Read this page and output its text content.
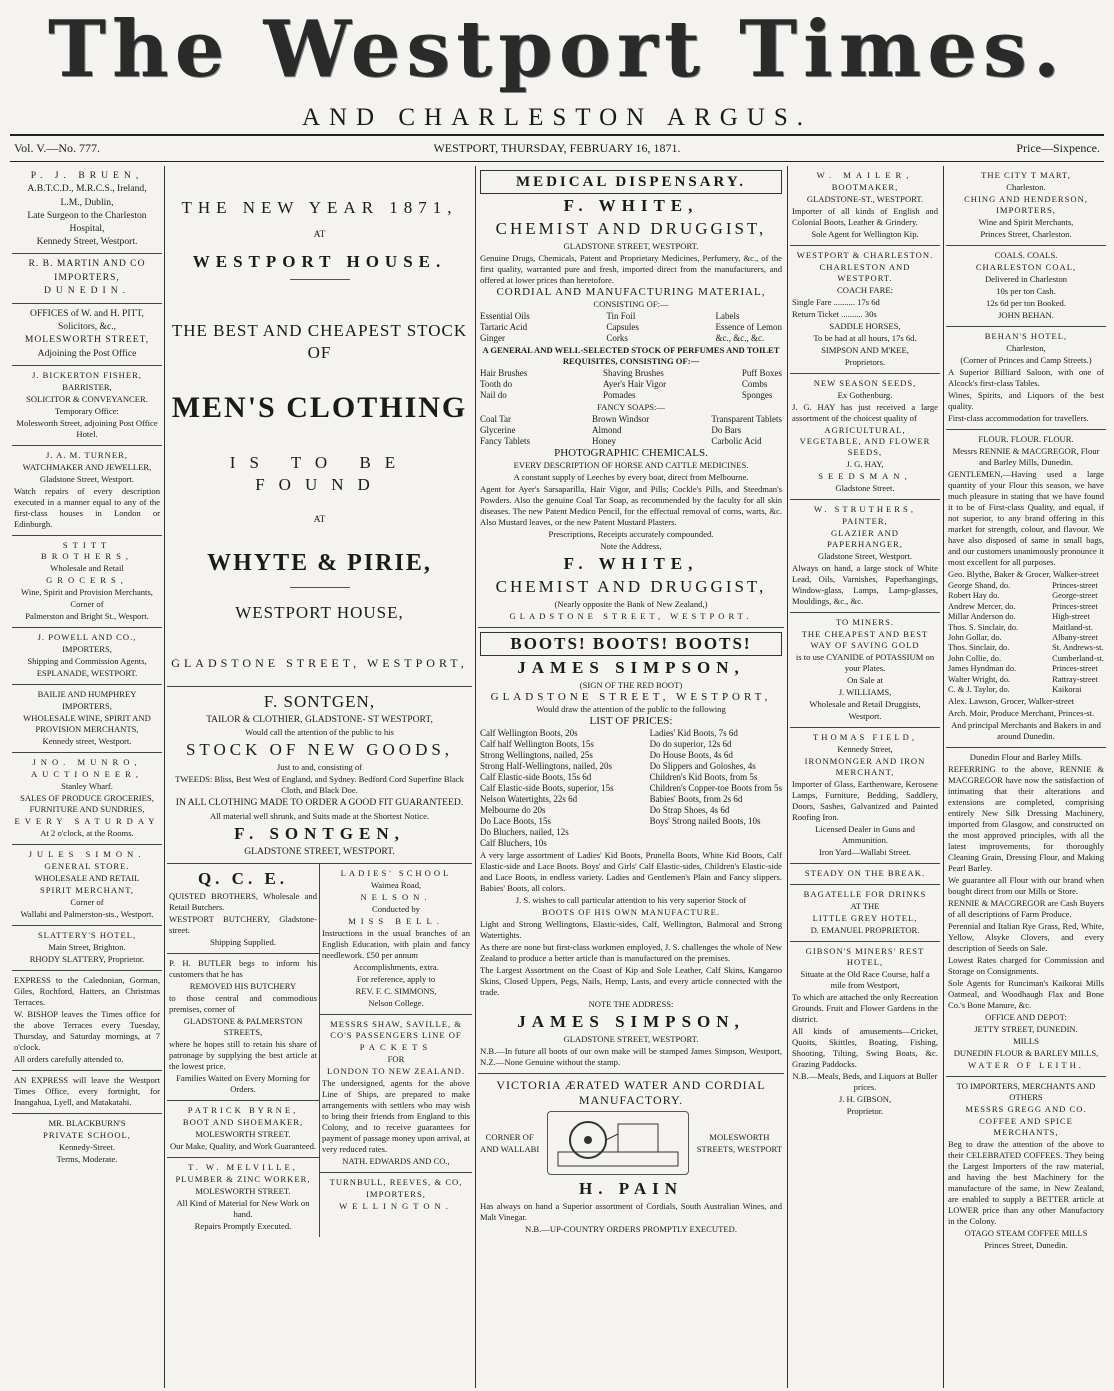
The Westport Times.
AND CHARLESTON ARGUS.
Vol. V.—No. 777.	WESTPORT, THURSDAY, FEBRUARY 16, 1871.	Price—Sixpence.

P. J. BRUEN,

A.B.T.C.D., M.R.C.S., Ireland,

L.M., Dublin,

Late Surgeon to the Charleston Hospital,

Kennedy Street, Westport.

R. B. MARTIN AND CO

IMPORTERS,

DUNEDIN.

OFFICES of W. and H. PITT,

Solicitors, &c.,

MOLESWORTH STREET,

Adjoining the Post Office

J. BICKERTON FISHER,

BARRISTER,

SOLICITOR & CONVEYANCER.

Temporary Office:

Molesworth Street, adjoining Post Office Hotel.

J. A. M. TURNER,

WATCHMAKER AND JEWELLER,

Gladstone Street, Westport.

Watch repairs of every description executed in a manner equal to any of the first-class houses in London or Edinburgh.

STITT BROTHERS,

Wholesale and Retail

GROCERS,

Wine, Spirit and Provision Merchants,

Corner of

Palmerston and Bright St., Wesport.

J. POWELL AND CO.,

IMPORTERS,

Shipping and Commission Agents,

ESPLANADE, WESTPORT.

BAILIE AND HUMPHREY

IMPORTERS,

WHOLESALE WINE, SPIRIT AND PROVISION MERCHANTS,

Kennedy street, Westport.

JNO. MUNRO,

AUCTIONEER,

Stanley Wharf.

SALES OF PRODUCE GROCERIES, FURNITURE AND SUNDRIES,

EVERY SATURDAY

At 2 o'clock, at the Rooms.

JULES SIMON.

GENERAL STORE.

WHOLESALE AND RETAIL

SPIRIT MERCHANT,

Corner of

Wallabi and Palmerston-sts., Westport.

SLATTERY'S HOTEL,

Main Street, Brighton.

RHODY SLATTERY, Proprietor.

EXPRESS to the Caledonian, Gorman, Giles, Rochford, Hatters, an Christmas Terraces.

W. BISHOP leaves the Times office for the above Terraces every Tuesday, Thursday, and Saturday mornings, at 7 o'clock.

All orders carefully attended to.

AN EXPRESS will leave the Westport Times Office, every fortnight, for Inangahua, Lyell, and Matakatahi.

MR. BLACKBURN'S

PRIVATE SCHOOL,

Kennedy-Street.

Terms, Moderate.

THE NEW YEAR 1871,

AT

WESTPORT HOUSE.

THE BEST AND CHEAPEST STOCK OF

MEN'S CLOTHING

IS TO BE FOUND

AT

WHYTE & PIRIE,

WESTPORT HOUSE,

GLADSTONE STREET, WESTPORT,

F. SONTGEN,

TAILOR & CLOTHIER, GLADSTONE- ST WESTPORT,

Would call the attention of the public to his

STOCK OF NEW GOODS,

Just to and, consisting of

TWEEDS: Bliss, Best West of England, and Sydney. Bedford Cord Superfine Black Cloth, and Black Doe.

IN ALL CLOTHING MADE TO ORDER A GOOD FIT GUARANTEED.

All material well shrunk, and Suits made at the Shortest Notice.

F. SONTGEN,

GLADSTONE STREET, WESTPORT.

Q. C. E.

QUISTED BROTHERS, Wholesale and Retail Butchers.

WESTPORT BUTCHERY, Gladstone-street.

Shipping Supplied.

P. H. BUTLER begs to inform his customers that he has

REMOVED HIS BUTCHERY

to those central and commodious premises, corner of

GLADSTONE & PALMERSTON STREETS,

where he hopes still to retain his share of patronage by supplying the best article at the lowest price.

Families Waited on Every Morning for Orders.

PATRICK BYRNE,

BOOT AND SHOEMAKER,

MOLESWORTH STREET.

Our Make, Quality, and Work Guaranteed.

T. W. MELVILLE,

PLUMBER & ZINC WORKER,

MOLESWORTH STREET.

All Kind of Material for New Work on hand.

Repairs Promptly Executed.

LADIES' SCHOOL

Waimea Road,

NELSON.

Conducted by

MISS BELL.

Instructions in the usual branches of an English Education, with plain and fancy needlework. £50 per annum

Accomplishments, extra.

For reference, apply to

REV. F. C. SIMMONS,

Nelson College.

MESSRS SHAW, SAVILLE, & CO'S PASSENGERS LINE OF

PACKETS

FOR

LONDON TO NEW ZEALAND.

The undersigned, agents for the above Line of Ships, are prepared to make arrangements with settlers who may wish to bring their friends from England to this Colony, and to receive guarantees for payment of passage money upon arrival, at very reduced rates.

NATH. EDWARDS AND CO.,

TURNBULL, REEVES, & CO,

IMPORTERS,

WELLINGTON.

MEDICAL DISPENSARY.

F. WHITE,

CHEMIST AND DRUGGIST,

GLADSTONE STREET, WESTPORT.

Genuine Drugs, Chemicals, Patent and Proprietary Medicines, Perfumery, &c., of the first quality, warranted pure and fresh, imported direct from the manufacturers, and offered at lower prices than heretofore.

CORDIAL AND MANUFACTURING MATERIAL,

CONSISTING OF:—

Essential Oils
Tartaric Acid
Ginger
Tin Foil
Capsules
Corks
Labels
Essence of Lemon
&c., &c., &c.

A GENERAL AND WELL-SELECTED STOCK OF PERFUMES AND TOILET REQUISITES, CONSISTING OF:—

Hair Brushes
Tooth do
Nail do
Shaving Brushes
Ayer's Hair Vigor
Pomades
Puff Boxes
Combs
Sponges

FANCY SOAPS:—

Coal Tar
Glycerine
Fancy Tablets
Brown Windsor
Almond
Honey
Transparent Tablets
Do Bars
Carbolic Acid

PHOTOGRAPHIC CHEMICALS.

EVERY DESCRIPTION OF HORSE AND CATTLE MEDICINES.

A constant supply of Leeches by every boat, direct from Melbourne.

Agent for Ayer's Sarsaparilla, Hair Vigor, and Pills; Cockle's Pills, and Steedman's Powders. Also the genuine Coal Tar Soap, as recommended by the faculty for all skin diseases. The new Patent Medico Pencil, for the effectual removal of corns, warts, &c. Also Mustard leaves, or the new Patent Mustard Plasters.

Prescriptions, Receipts accurately compounded.

Note the Address,

F. WHITE,

CHEMIST AND DRUGGIST,

(Nearly opposite the Bank of New Zealand,)

GLADSTONE STREET, WESTPORT.

BOOTS! BOOTS! BOOTS!

JAMES SIMPSON,

(SIGN OF THE RED BOOT)

GLADSTONE STREET, WESTPORT,

Would draw the attention of the public to the following

LIST OF PRICES:

Calf Wellington Boots, 20s
Calf half Wellington Boots, 15s
Strong Wellingtons, nailed, 25s
Strong Half-Wellingtons, nailed, 20s
Calf Elastic-side Boots, 15s 6d
Calf Elastic-side Boots, superior, 15s
Nelson Watertights, 22s 6d
Melbourne do 20s
Do Lace Boots, 15s
Do Bluchers, nailed, 12s
Calf Bluchers, 10s
Ladies' Kid Boots, 7s 6d
Do do superior, 12s 6d
Do House Boots, 4s 6d
Do Slippers and Goloshes, 4s
Children's Kid Boots, from 5s
Children's Copper-toe Boots from 5s
Babies' Boots, from 2s 6d
Do Strap Shoes, 4s 6d
Boys' Strong nailed Boots, 10s

A very large assortment of Ladies' Kid Boots, Prunella Boots, White Kid Boots, Calf Elastic-side and Lace Boots. Boys' and Girls' Calf Elastic-sides, Children's Elastic-side and Lace Boots, in endless variety. Ladies and Gentlemen's Plain and Fancy slippers. Babies' Boots, all colors.

J. S. wishes to call particular attention to his very superior Stock of

BOOTS OF HIS OWN MANUFACTURE.

Light and Strong Wellingtons, Elastic-sides, Calf, Wellington, Balmoral and Strong Watertights.

As there are none but first-class workmen employed, J. S. challenges the whole of New Zealand to produce a better article than is manufactured on the premises.

The Largest Assortment on the Coast of Kip and Sole Leather, Calf Skins, Kangaroo Skins, Closed Uppers, Pegs, Nails, Hemp, Lasts, and every article connected with the trade.

NOTE THE ADDRESS:

JAMES SIMPSON,

GLADSTONE STREET, WESTPORT.

N.B.—In future all boots of our own make will be stamped James Simpson, Westport, N.Z.—None Genuine without the stamp.

VICTORIA ÆRATED WATER AND CORDIAL MANUFACTORY.

CORNER OF

AND WALLABI

MOLESWORTH

STREETS, WESTPORT

H. PAIN

Has always on hand a Superior assortment of Cordials, South Australian Wines, and Malt Vinegar.

N.B.—UP-COUNTRY ORDERS PROMPTLY EXECUTED.

W. MAILER,

BOOTMAKER,

GLADSTONE-ST., WESTPORT.

Importer of all kinds of English and Colonial Boots, Leather & Grindery.

Sole Agent for Wellington Kip.

WESTPORT & CHARLESTON.

CHARLESTON AND WESTPORT.

COACH FARE:

Single Fare .......... 17s 6d

Return Ticket .......... 30s

SADDLE HORSES,

To be had at all hours, 17s 6d.

SIMPSON AND M'KEE,

Proprietors.

NEW SEASON SEEDS,

Ex Gothenburg.

J. G. HAY has just received a large assortment of the choicest quality of

AGRICULTURAL, VEGETABLE, AND FLOWER SEEDS,

J. G. HAY,

SEEDSMAN,

Gladstone Street.

W. STRUTHERS,

PAINTER,

GLAZIER AND PAPERHANGER,

Gladstone Street, Westport.

Always on hand, a large stock of White Lead, Oils, Varnishes, Paperhangings, Window-glass, Lamps, Lamp-glasses, Mouldings, &c., &c.

TO MINERS.

THE CHEAPEST AND BEST WAY OF SAVING GOLD

is to use CYANIDE of POTASSIUM on your Plates.

On Sale at

J. WILLIAMS,

Wholesale and Retail Druggists,

Westport.

THOMAS FIELD,

Kennedy Street,

IRONMONGER AND IRON MERCHANT,

Importer of Glass, Earthenware, Kerosene Lamps, Furniture, Bedding, Saddlery, Doors, Sashes, Galvanized and Painted Roofing Iron.

Licensed Dealer in Guns and Ammunition.

Iron Yard—Wallabi Street.

STEADY ON THE BREAK.

BAGATELLE FOR DRINKS

AT THE

LITTLE GREY HOTEL,

D. EMANUEL PROPRIETOR.

GIBSON'S MINERS' REST HOTEL,

Situate at the Old Race Course, half a mile from Westport,

To which are attached the only Recreation Grounds. Fruit and Flower Gardens in the district.

All kinds of amusements—Cricket, Quoits, Skittles, Boating, Fishing, Shooting, Tilting, Swing Boats, &c. Grazing Paddocks.

N.B.—Meals, Beds, and Liquors at Buller prices.

J. H. GIBSON,

Proprietor.

THE CITY T MART,

Charleston.

CHING AND HENDERSON, IMPORTERS,

Wine and Spirit Merchants,

Princes Street, Charleston.

COALS. COALS.

CHARLESTON COAL,

Delivered in Charleston

10s per ton Cash.

12s 6d per ton Booked.

JOHN BEHAN.

BEHAN'S HOTEL,

Charleston,

(Corner of Princes and Camp Streets.)

A Superior Billiard Saloon, with one of Alcock's first-class Tables.

Wines, Spirits, and Liquors of the best quality.

First-class accommodation for travellers.

FLOUR. FLOUR. FLOUR.

Messrs RENNIE & MACGREGOR, Flour and Barley Mills, Dunedin.

GENTLEMEN,—Having used a large quantity of your Flour this season, we have much pleasure in stating that we have found it to be of First-class Quality, and equal, if not superior, to any brand offering in this market for strength, colour, and flavour. We have also disposed of same in small bags, and our customers unanimously pronounce it most excellent for all purposes.

Geo. Blythe, Baker & Grocer, Walker-street

George Shand, do.
Robert Hay do.
Andrew Mercer, do.
Millar Anderson do.
Thos. S. Sinclair, do.
John Gollar, do.
Thos. Sinclair, do.
John Collie, do.
James Hyndman do.
Walter Wright, do.
C. & J. Taylor, do.
Princes-street
George-street
Princes-street
High-street
Maitland-st.
Albany-street
St. Andrews-st.
Cumberland-st.
Princes-street
Rattray-street
Kaikorai

Alex. Lawson, Grocer, Walker-street

Arch. Moir, Produce Merchant, Princes-st.

And principal Merchants and Bakers in and around Dunedin.

Dunedin Flour and Barley Mills.

REFERRING to the above, RENNIE & MACGREGOR have now the satisfaction of intimating that their alterations and extensions are completed, comprising entirely New Silk Dressing Machinery, imported from Glasgow, and constructed on the most approved principles, with all the latest improvements, for thoroughly Cleaning Grain, Dressing Flour, and Making Pearl Barley.

We guarantee all Flour with our brand when bought direct from our Mills or Store.

RENNIE & MACGREGOR are Cash Buyers of all descriptions of Farm Produce.

Perennial and Italian Rye Grass, Red, White, Yellow, Alsyke Clovers, and every description of Seeds on Sale.

Lowest Rates charged for Commission and Storage on Consignments.

Sole Agents for Runciman's Kaikorai Mills Oatmeal, and Woodhaugh Flax and Bone Co.'s Bone Manure, &c.

OFFICE AND DEPOT:

JETTY STREET, DUNEDIN.

MILLS

DUNEDIN FLOUR & BARLEY MILLS,

WATER OF LEITH.

TO IMPORTERS, MERCHANTS AND OTHERS

MESSRS GREGG AND CO.

COFFEE AND SPICE MERCHANTS,

Beg to draw the attention of the above to their CELEBRATED COFFEES. They being the Largest Importers of the raw material, and having the best Machinery for the manufacture of the same, in New Zealand, are enabled to supply a BETTER article at LOWER price than any other Manufactory in the Colony.

OTAGO STEAM COFFEE MILLS

Princes Street, Dunedin.
